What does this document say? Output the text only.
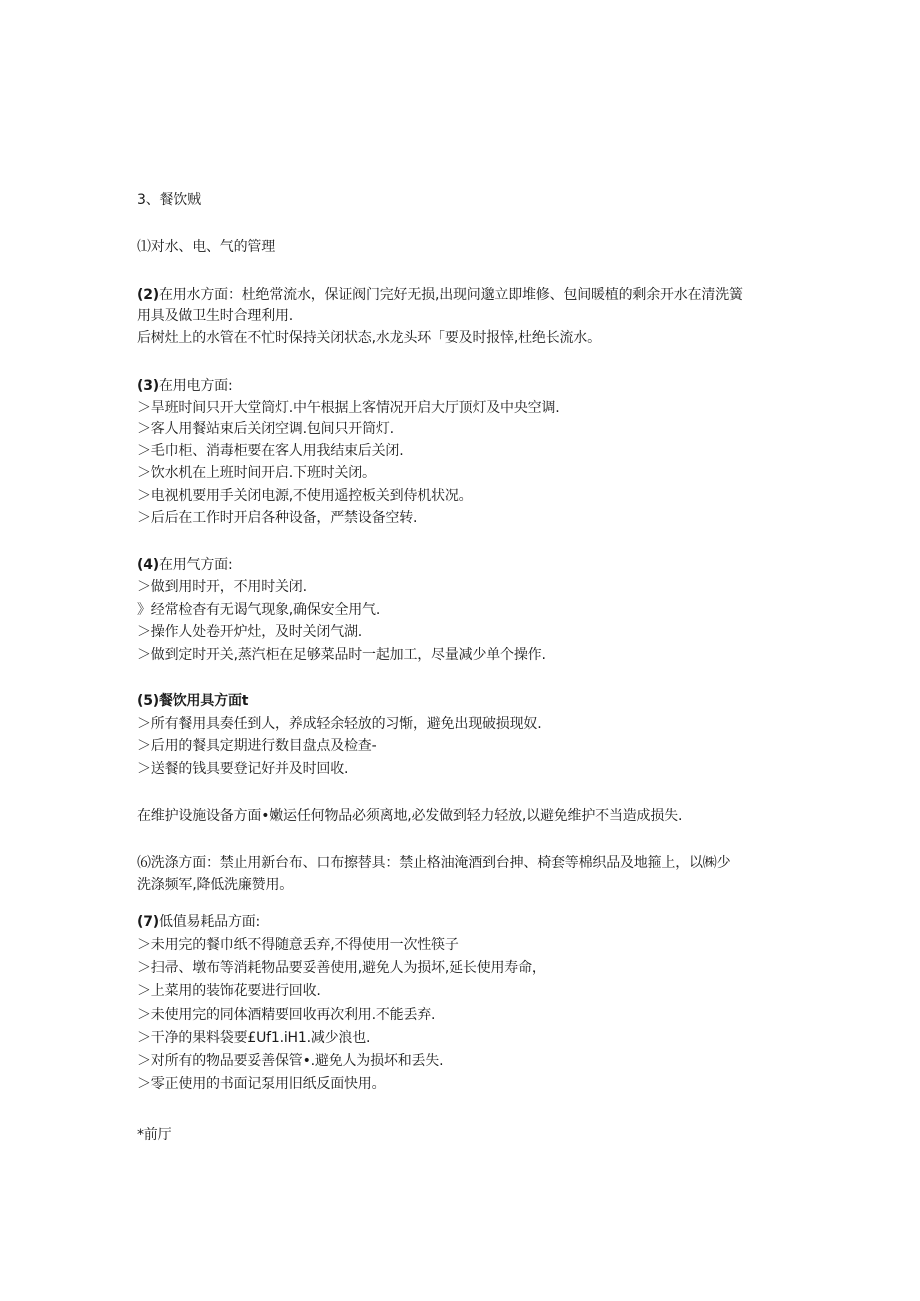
3、餐饮贼
⑴对水、电、气的管理
(2)在用水方面：杜绝常流水，保证阀门完好无损,出现问邈立即堆修、包间暖植的剩余开水在清洗簧
用具及做卫生时合理利用.
后树灶上的水管在不忙时保持关闭状态,水龙头环「要及时报悻,杜绝长流水。
(3)在用电方面:
＞旱班时间只开大堂筒灯.中午根据上客情况开启大厅顶灯及中央空调.
＞客人用餐站束后关闭空调.包间只开筒灯.
＞毛巾柜、消毒柜要在客人用我结束后关闭.
＞饮水机在上班时间开启.下班时关闭。
＞电视机要用手关闭电源,不使用遥控板关到侍机状况。
＞后后在工作时开启各种设备，严禁设备空转.
(4)在用气方面:
＞做到用时开，不用时关闭.
》经常检杳有无谒气现象,确保安全用气.
＞操作人处卷开炉灶，及时关闭气湖.
＞做到定时开关,蒸汽柜在足够菜品时一起加工，尽量减少单个操作.
(5)餐饮用具方面t
＞所有餐用具奏任到人，养成轻余轻放的习惭，避免出现破损现奴.
＞后用的餐具定期进行数目盘点及检查-
＞送餐的钱具要登记好并及时回收.
在维护设施设备方面•嫩运任何物品必须离地,必发做到轻力轻放,以避免维护不当造成损失.
⑹洗涤方面：禁止用新台布、口布擦替具：禁止格油淹酒到台抻、椅套等棉织品及地箍上，以㈱少
洗涤频军,降低洗廉赞用。
(7)低值易耗品方面:
＞未用完的餐巾纸不得随意丢弃,不得使用一次性筷子
＞扫帚、墩布等消耗物品要妥善使用,避免人为损坏,延长使用寿命，
＞上菜用的装饰花要进行回收.
＞未使用完的同体酒精要回收再次利用.不能丢弃.
＞干净的果料袋要£Uf1.iH1.减少浪也.
＞对所有的物品要妥善保管•.避免人为损坏和丢失.
＞零正使用的书面记泵用旧纸反面快用。
*前厅
